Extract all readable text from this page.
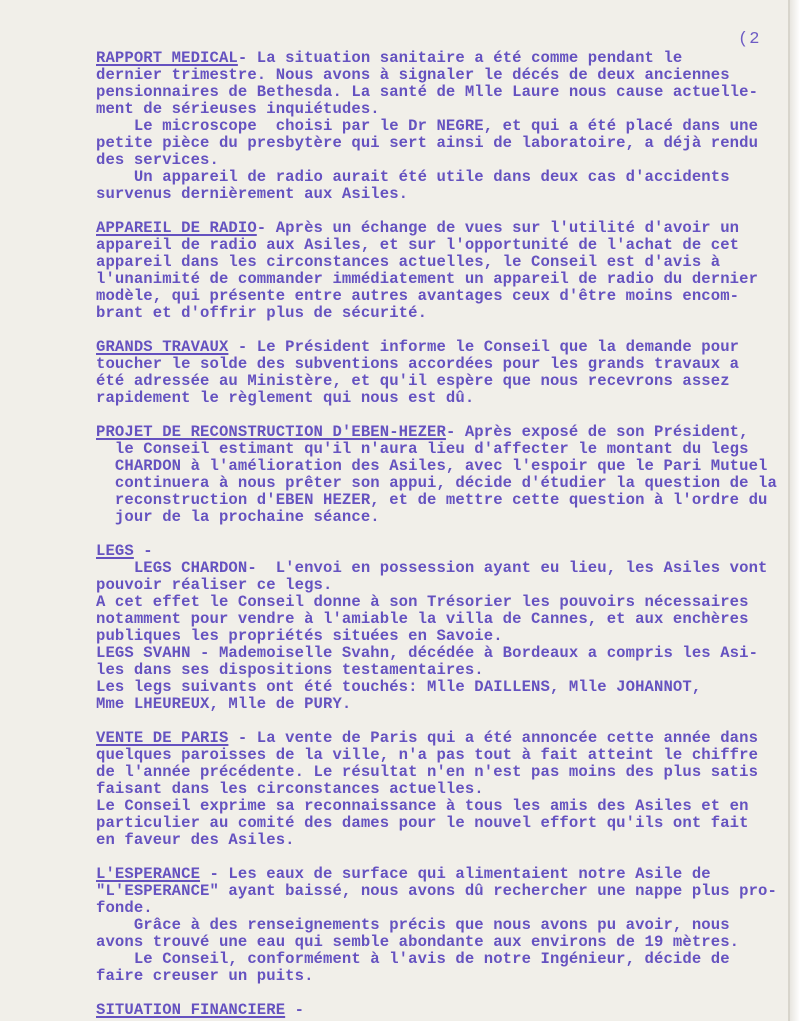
(2
RAPPORT MEDICAL- La situation sanitaire a été comme pendant le
dernier trimestre. Nous avons à signaler le décés de deux anciennes
pensionnaires de Bethesda. La santé de Mlle Laure nous cause actuelle-
ment de sérieuses inquiétudes.
Le microscope  choisi par le Dr NEGRE, et qui a été placé dans une
petite pièce du presbytère qui sert ainsi de laboratoire, a déjà rendu
des services.
Un appareil de radio aurait été utile dans deux cas d'accidents
survenus dernièrement aux Asiles.
APPAREIL DE RADIO- Après un échange de vues sur l'utilité d'avoir un
appareil de radio aux Asiles, et sur l'opportunité de l'achat de cet
appareil dans les circonstances actuelles, le Conseil est d'avis à
l'unanimité de commander immédiatement un appareil de radio du dernier
modèle, qui présente entre autres avantages ceux d'être moins encom-
brant et d'offrir plus de sécurité.
GRANDS TRAVAUX - Le Président informe le Conseil que la demande pour
toucher le solde des subventions accordées pour les grands travaux a
été adressée au Ministère, et qu'il espère que nous recevrons assez
rapidement le règlement qui nous est dû.
PROJET DE RECONSTRUCTION D'EBEN-HEZER- Après exposé de son Président,
le Conseil estimant qu'il n'aura lieu d'affecter le montant du legs
CHARDON à l'amélioration des Asiles, avec l'espoir que le Pari Mutuel
continuera à nous prêter son appui, décide d'étudier la question de la
reconstruction d'EBEN HEZER, et de mettre cette question à l'ordre du
jour de la prochaine séance.
LEGS -
LEGS CHARDON-  L'envoi en possession ayant eu lieu, les Asiles vont
pouvoir réaliser ce legs.
A cet effet le Conseil donne à son Trésorier les pouvoirs nécessaires
notamment pour vendre à l'amiable la villa de Cannes, et aux enchères
publiques les propriétés situées en Savoie.
LEGS SVAHN - Mademoiselle Svahn, décédée à Bordeaux a compris les Asi-
les dans ses dispositions testamentaires.
Les legs suivants ont été touchés: Mlle DAILLENS, Mlle JOHANNOT,
Mme LHEUREUX, Mlle de PURY.
VENTE DE PARIS - La vente de Paris qui a été annoncée cette année dans
quelques paroisses de la ville, n'a pas tout à fait atteint le chiffre
de l'année précédente. Le résultat n'en n'est pas moins des plus satis
faisant dans les circonstances actuelles.
Le Conseil exprime sa reconnaissance à tous les amis des Asiles et en
particulier au comité des dames pour le nouvel effort qu'ils ont fait
en faveur des Asiles.
L'ESPERANCE - Les eaux de surface qui alimentaient notre Asile de
"L'ESPERANCE" ayant baissé, nous avons dû rechercher une nappe plus pro-
fonde.
Grâce à des renseignements précis que nous avons pu avoir, nous
avons trouvé une eau qui semble abondante aux environs de 19 mètres.
Le Conseil, conformément à l'avis de notre Ingénieur, décide de
faire creuser un puits.
SITUATION FINANCIERE -
